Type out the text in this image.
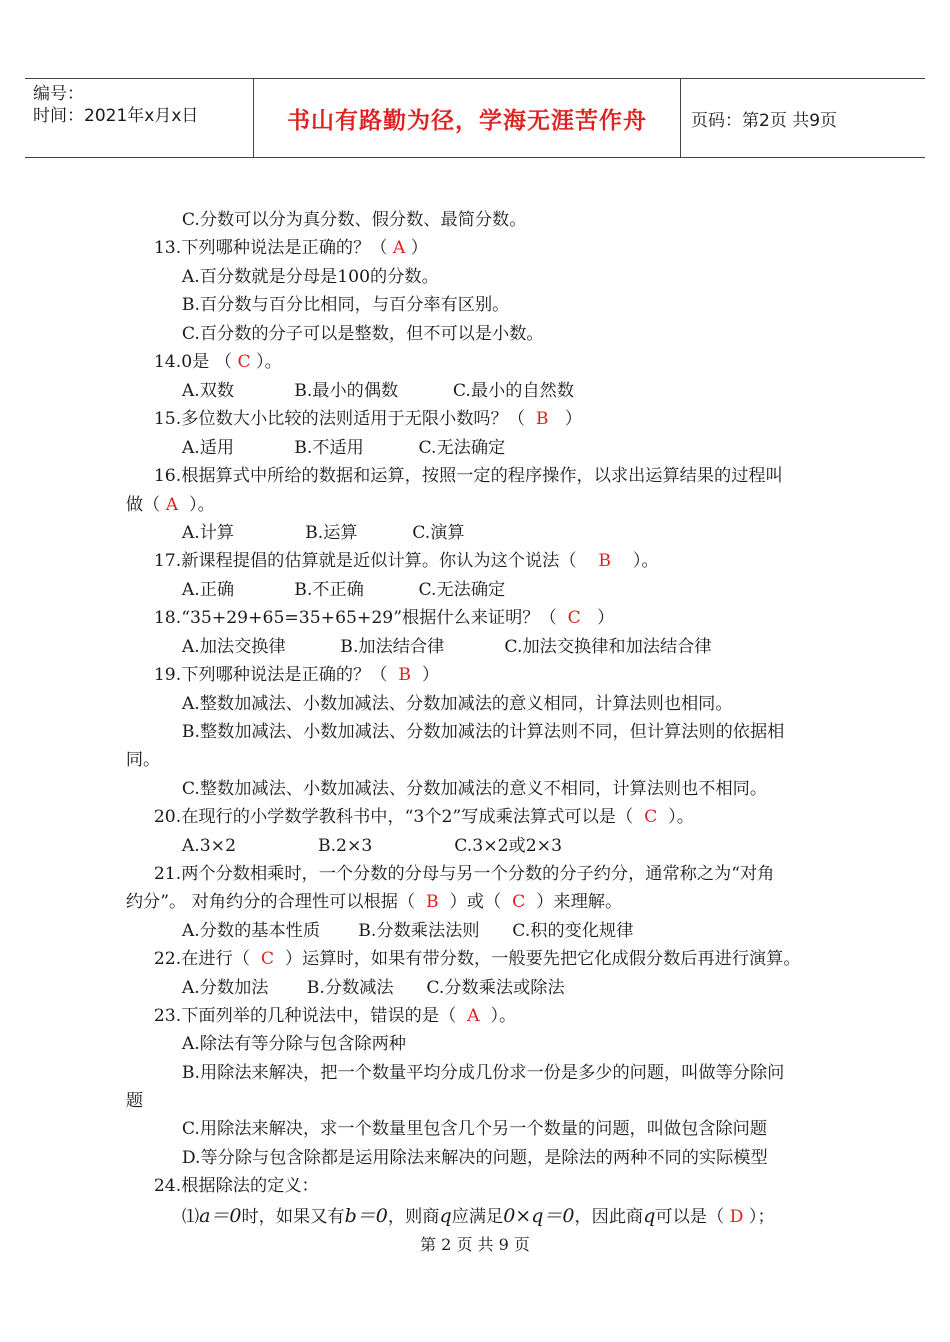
编号：
时间：2021年x月x日	书山有路勤为径，学海无涯苦作舟	页码：第2页 共9页

C.分数可以分为真分数、假分数、最简分数。

13.下列哪种说法是正确的？（ A ）

A.百分数就是分母是100的分数。

B.百分数与百分比相同，与百分率有区别。

C.百分数的分子可以是整数，但不可以是小数。

14.0是 （ C ）。

A.双数           B.最小的偶数          C.最小的自然数

15.多位数大小比较的法则适用于无限小数吗？（  B   ）

A.适用           B.不适用          C.无法确定

16.根据算式中所给的数据和运算，按照一定的程序操作，以求出运算结果的过程叫

做（ A  ）。

A.计算             B.运算          C.演算

17.新课程提倡的估算就是近似计算。你认为这个说法（    B    ）。

A.正确           B.不正确          C.无法确定

18.“35+29+65=35+65+29”根据什么来证明？（  C   ）

A.加法交换律          B.加法结合律           C.加法交换律和加法结合律

19.下列哪种说法是正确的？（  B  ）

A.整数加减法、小数加减法、分数加减法的意义相同，计算法则也相同。

B.整数加减法、小数加减法、分数加减法的计算法则不同，但计算法则的依据相

同。

C.整数加减法、小数加减法、分数加减法的意义不相同，计算法则也不相同。

20.在现行的小学数学教科书中，“3个2”写成乘法算式可以是（  C  ）。

A.3×2               B.2×3               C.3×2或2×3

21.两个分数相乘时，一个分数的分母与另一个分数的分子约分，通常称之为“对角

约分”。 对角约分的合理性可以根据（  B  ）或（  C  ）来理解。

A.分数的基本性质       B.分数乘法法则      C.积的变化规律

22.在进行（  C  ）运算时，如果有带分数，一般要先把它化成假分数后再进行演算。

A.分数加法       B.分数减法      C.分数乘法或除法

23.下面列举的几种说法中，错误的是（  A  ）。

A.除法有等分除与包含除两种

B.用除法来解决，把一个数量平均分成几份求一份是多少的问题，叫做等分除问

题

C.用除法来解决，求一个数量里包含几个另一个数量的问题，叫做包含除问题

D.等分除与包含除都是运用除法来解决的问题，是除法的两种不同的实际模型

24.根据除法的定义：

⑴a＝0时，如果又有b＝0，则商q应满足0×q＝0，因此商q可以是（ D ）；

第 2 页 共 9 页
